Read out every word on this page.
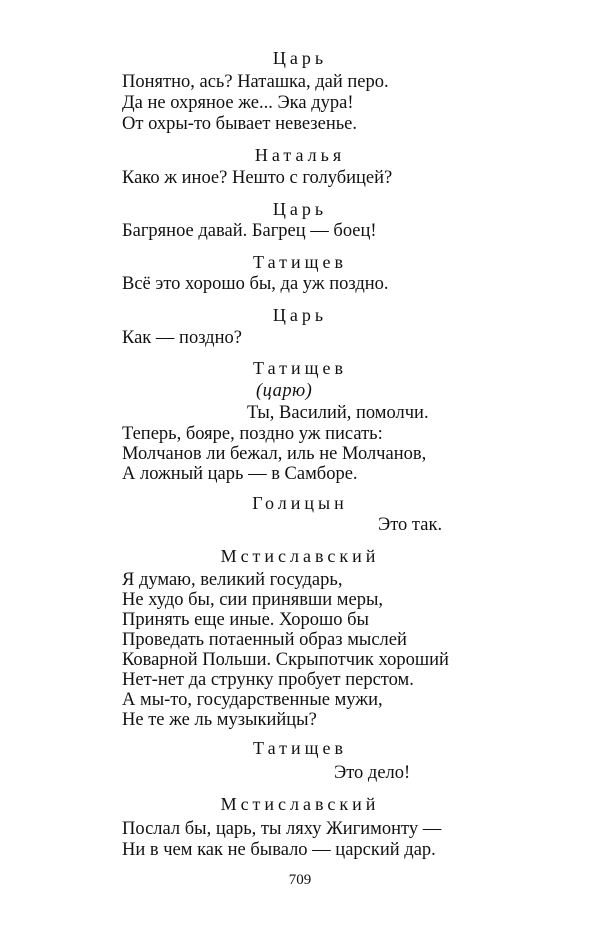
Царь
Понятно, ась? Наташка, дай перо.
Да не охряное же... Эка дура!
От охры-то бывает невезенье.
Наталья
Како ж иное? Нешто с голубицей?
Царь
Багряное давай. Багрец — боец!
Татищев
Всё это хорошо бы, да уж поздно.
Царь
Как — поздно?
Татищев
(царю)
Ты, Василий, помолчи.
Теперь, бояре, поздно уж писать:
Молчанов ли бежал, иль не Молчанов,
А ложный царь — в Самборе.
Голицын
Это так.
Мстиславский
Я думаю, великий государь,
Не худо бы, сии принявши меры,
Принять еще иные. Хорошо бы
Проведать потаенный образ мыслей
Коварной Польши. Скрыпотчик хороший
Нет-нет да струнку пробует перстом.
А мы-то, государственные мужи,
Не те же ль музыкийцы?
Татищев
Это дело!
Мстиславский
Послал бы, царь, ты ляху Жигимонту —
Ни в чем как не бывало — царский дар.
709
